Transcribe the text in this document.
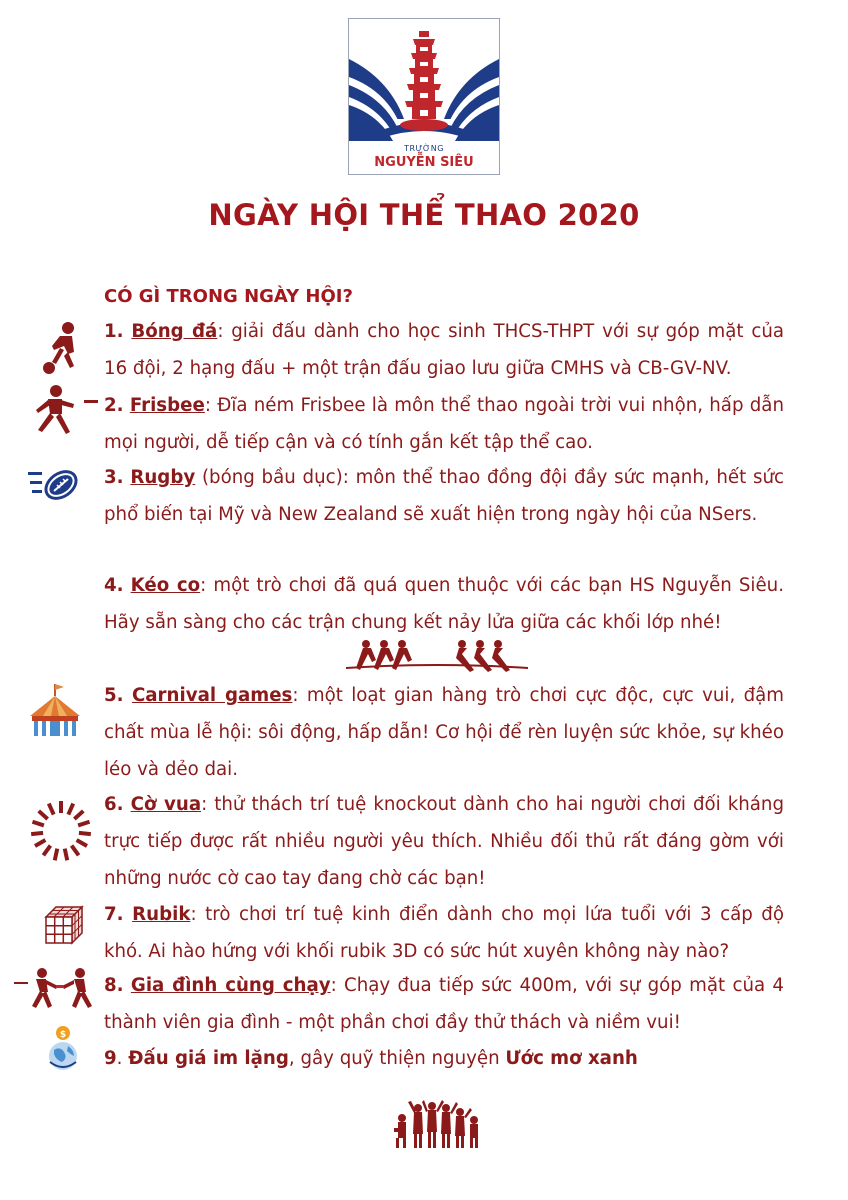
TRƯỜNG
NGUYỄN SIÊU
NGÀY HỘI THỂ THAO 2020
CÓ GÌ TRONG NGÀY HỘI?
1. Bóng đá: giải đấu dành cho học sinh THCS-THPT với sự góp mặt của 16 đội, 2 hạng đấu + một trận đấu giao lưu giữa CMHS và CB-GV-NV.
2. Frisbee: Đĩa ném Frisbee là môn thể thao ngoài trời vui nhộn, hấp dẫn mọi người, dễ tiếp cận và có tính gắn kết tập thể cao.
3. Rugby (bóng bầu dục): môn thể thao đồng đội đầy sức mạnh, hết sức phổ biến tại Mỹ và New Zealand sẽ xuất hiện trong ngày hội của NSers.
4. Kéo co: một trò chơi đã quá quen thuộc với các bạn HS Nguyễn Siêu. Hãy sẵn sàng cho các trận chung kết nảy lửa giữa các khối lớp nhé!
5. Carnival games: một loạt gian hàng trò chơi cực độc, cực vui, đậm chất mùa lễ hội: sôi động, hấp dẫn! Cơ hội để rèn luyện sức khỏe, sự khéo léo và dẻo dai.
6. Cờ vua: thử thách trí tuệ knockout dành cho hai người chơi đối kháng trực tiếp được rất nhiều người yêu thích. Nhiều đối thủ rất đáng gờm với những nước cờ cao tay đang chờ các bạn!
7. Rubik: trò chơi trí tuệ kinh điển dành cho mọi lứa tuổi với 3 cấp độ khó. Ai hào hứng với khối rubik 3D có sức hút xuyên không này nào?
8. Gia đình cùng chạy: Chạy đua tiếp sức 400m, với sự góp mặt của 4 thành viên gia đình - một phần chơi đầy thử thách và niềm vui!
$
9. Đấu giá im lặng, gây quỹ thiện nguyện Ước mơ xanh
